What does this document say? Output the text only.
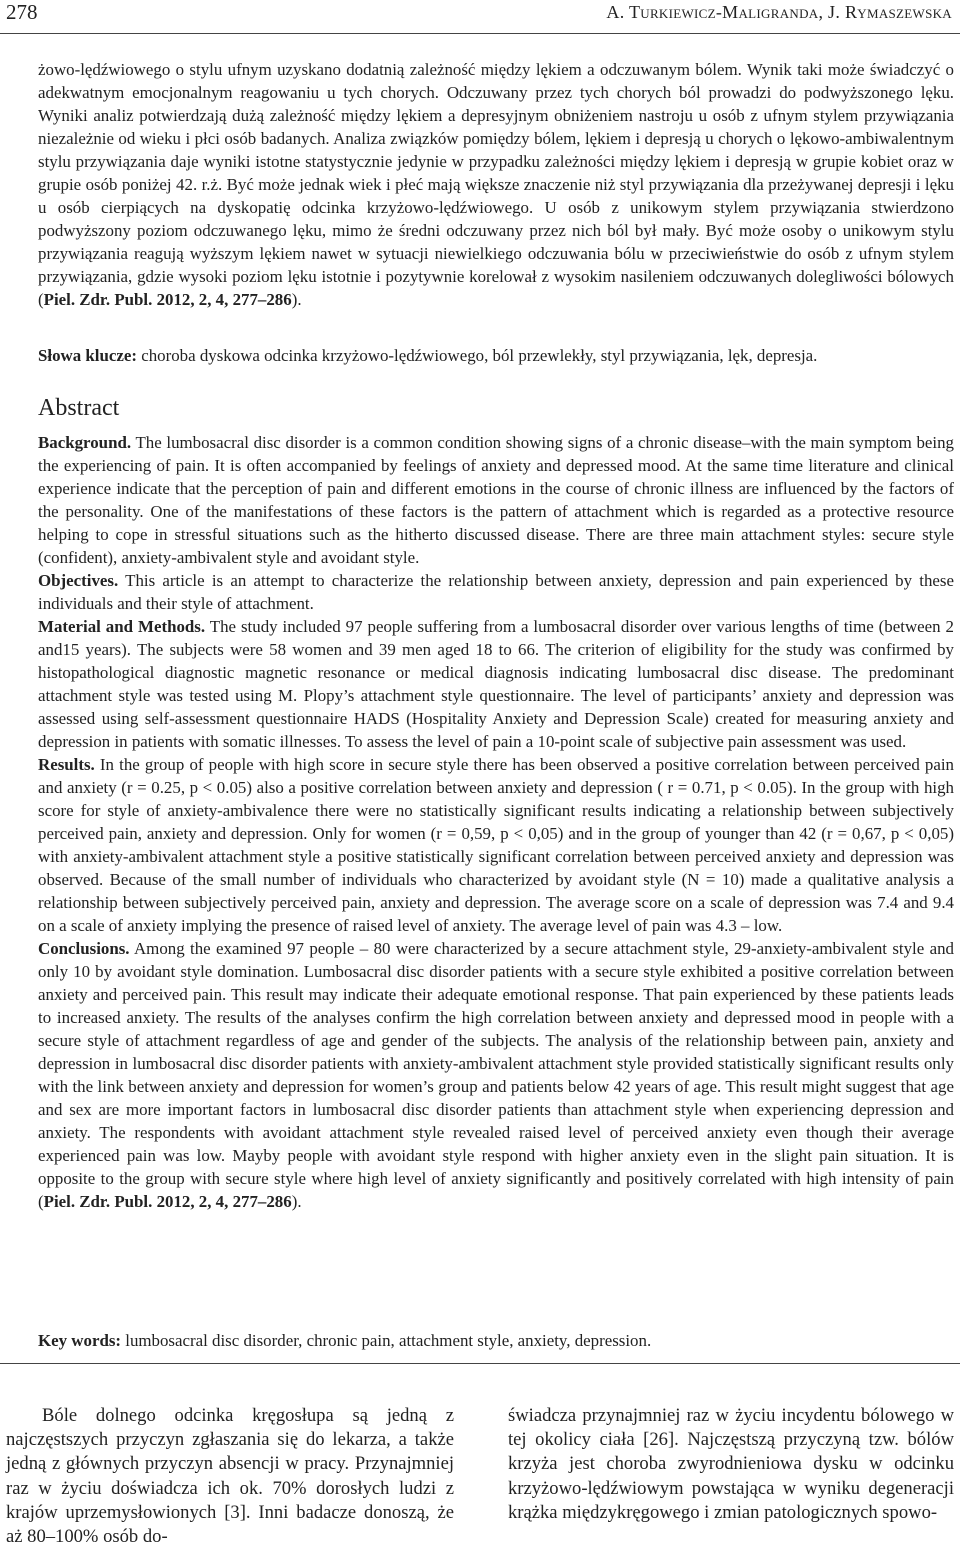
278	A. Turkiewicz-Maligranda, J. Rymaszewska

żowo-lędźwiowego o stylu ufnym uzyskano dodatnią zależność między lękiem a odczuwanym bólem. Wynik taki może świadczyć o adekwatnym emocjonalnym reagowaniu u tych chorych. Odczuwany przez tych chorych ból prowadzi do podwyższonego lęku. Wyniki analiz potwierdzają dużą zależność między lękiem a depresyjnym obniżeniem nastroju u osób z ufnym stylem przywiązania niezależnie od wieku i płci osób badanych. Analiza związków pomiędzy bólem, lękiem i depresją u chorych o lękowo-ambiwalentnym stylu przywiązania daje wyniki istotne statystycznie jedynie w przypadku zależności między lękiem i depresją w grupie kobiet oraz w grupie osób poniżej 42. r.ż. Być może jednak wiek i płeć mają większe znaczenie niż styl przywiązania dla przeżywanej depresji i lęku u osób cierpiących na dyskopatię odcinka krzyżowo-lędźwiowego. U osób z unikowym stylem przywiązania stwierdzono podwyższony poziom odczuwanego lęku, mimo że średni odczuwany przez nich ból był mały. Być może osoby o unikowym stylu przywiązania reagują wyższym lękiem nawet w sytuacji niewielkiego odczuwania bólu w przeciwieństwie do osób z ufnym stylem przywiązania, gdzie wysoki poziom lęku istotnie i pozytywnie korelował z wysokim nasileniem odczuwanych dolegliwości bólowych (Piel. Zdr. Publ. 2012, 2, 4, 277–286).

Słowa klucze: choroba dyskowa odcinka krzyżowo-lędźwiowego, ból przewlekły, styl przywiązania, lęk, depresja.

Abstract

Background. The lumbosacral disc disorder is a common condition showing signs of a chronic disease–with the main symptom being the experiencing of pain. It is often accompanied by feelings of anxiety and depressed mood. At the same time literature and clinical experience indicate that the perception of pain and different emotions in the course of chronic illness are influenced by the factors of the personality. One of the manifestations of these factors is the pattern of attachment which is regarded as a protective resource helping to cope in stressful situations such as the hitherto discussed disease. There are three main attachment styles: secure style (confident), anxiety-ambivalent style and avoidant style.

Objectives. This article is an attempt to characterize the relationship between anxiety, depression and pain experienced by these individuals and their style of attachment.

Material and Methods. The study included 97 people suffering from a lumbosacral disorder over various lengths of time (between 2 and15 years). The subjects were 58 women and 39 men aged 18 to 66. The criterion of eligibility for the study was confirmed by histopathological diagnostic magnetic resonance or medical diagnosis indicating lumbosacral disc disease. The predominant attachment style was tested using M. Plopy’s attachment style questionnaire. The level of participants’ anxiety and depression was assessed using self-assessment questionnaire HADS (Hospitality Anxiety and Depression Scale) created for measuring anxiety and depression in patients with somatic illnesses. To assess the level of pain a 10-point scale of subjective pain assessment was used.

Results. In the group of people with high score in secure style there has been observed a positive correlation between perceived pain and anxiety (r = 0.25, p < 0.05) also a positive correlation between anxiety and depression ( r = 0.71, p < 0.05). In the group with high score for style of anxiety-ambivalence there were no statistically significant results indicating a relationship between subjectively perceived pain, anxiety and depression. Only for women (r = 0,59, p < 0,05) and in the group of younger than 42 (r = 0,67, p < 0,05) with anxiety-ambivalent attachment style a positive statistically significant correlation between perceived anxiety and depression was observed. Because of the small number of individuals who characterized by avoidant style (N = 10) made a qualitative analysis a relationship between subjectively perceived pain, anxiety and depression. The average score on a scale of depression was 7.4 and 9.4 on a scale of anxiety implying the presence of raised level of anxiety. The average level of pain was 4.3 – low.

Conclusions. Among the examined 97 people – 80 were characterized by a secure attachment style, 29-anxiety-ambivalent style and only 10 by avoidant style domination. Lumbosacral disc disorder patients with a secure style exhibited a positive correlation between anxiety and perceived pain. This result may indicate their adequate emotional response. That pain experienced by these patients leads to increased anxiety. The results of the analyses confirm the high correlation between anxiety and depressed mood in people with a secure style of attachment regardless of age and gender of the subjects. The analysis of the relationship between pain, anxiety and depression in lumbosacral disc disorder patients with anxiety-ambivalent attachment style provided statistically significant results only with the link between anxiety and depression for women’s group and patients below 42 years of age. This result might suggest that age and sex are more important factors in lumbosacral disc disorder patients than attachment style when experiencing depression and anxiety. The respondents with avoidant attachment style revealed raised level of perceived anxiety even though their average experienced pain was low. Mayby people with avoidant style respond with higher anxiety even in the slight pain situation. It is opposite to the group with secure style where high level of anxiety significantly and positively correlated with high intensity of pain (Piel. Zdr. Publ. 2012, 2, 4, 277–286).

Key words: lumbosacral disc disorder, chronic pain, attachment style, anxiety, depression.

Bóle dolnego odcinka kręgosłupa są jedną z najczęstszych przyczyn zgłaszania się do lekarza, a także jedną z głównych przyczyn absencji w pracy. Przynajmniej raz w życiu doświadcza ich ok. 70% dorosłych ludzi z krajów uprzemysłowionych [3]. Inni badacze donoszą, że aż 80–100% osób do-

świadcza przynajmniej raz w życiu incydentu bólowego w tej okolicy ciała [26]. Najczęstszą przyczyną tzw. bólów krzyża jest choroba zwyrodnieniowa dysku w odcinku krzyżowo-lędźwiowym powstająca w wyniku degeneracji krążka międzykręgowego i zmian patologicznych spowo-
